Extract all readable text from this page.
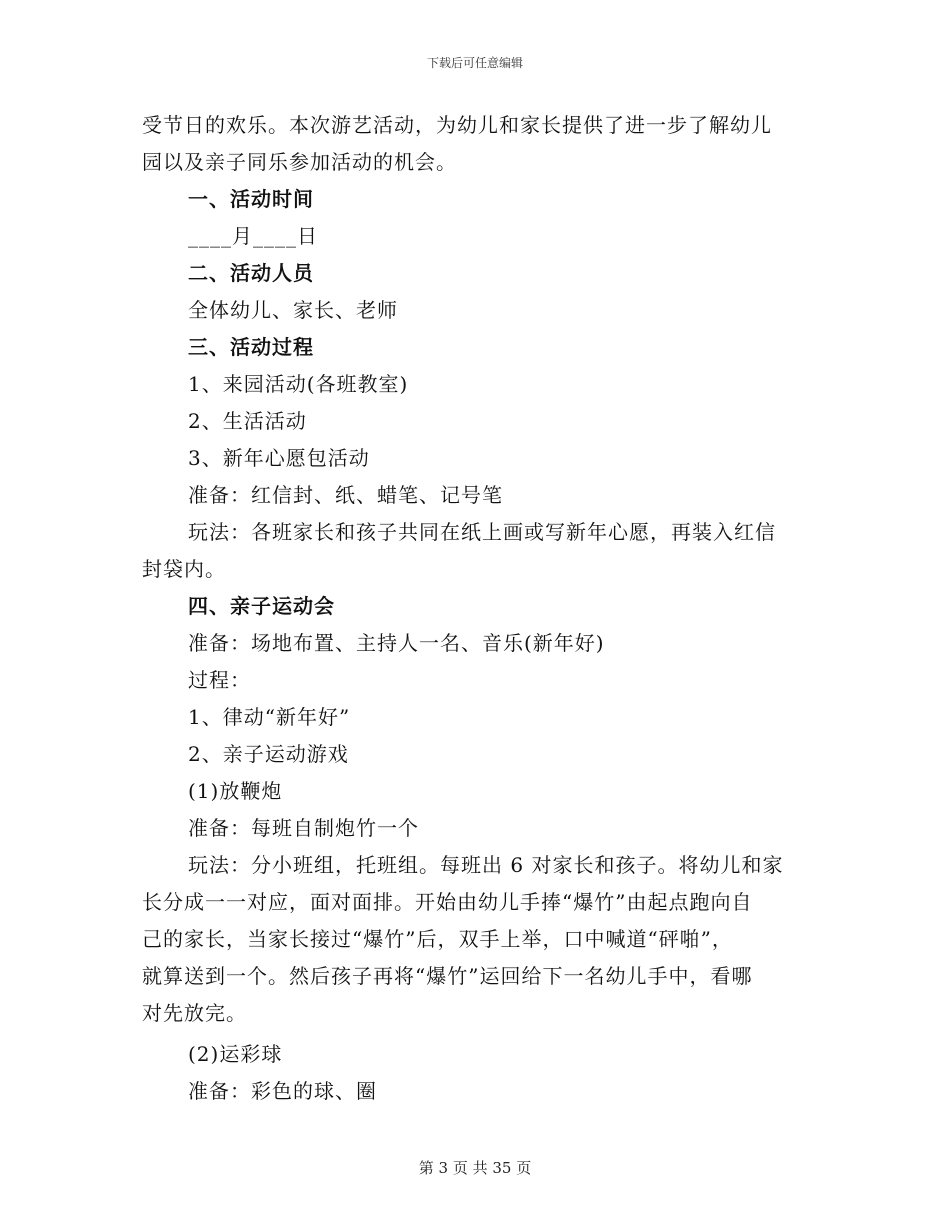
下载后可任意编辑
受节日的欢乐。本次游艺活动，为幼儿和家长提供了进一步了解幼儿
园以及亲子同乐参加活动的机会。
一、活动时间
____月____日
二、活动人员
全体幼儿、家长、老师
三、活动过程
1、来园活动(各班教室)
2、生活活动
3、新年心愿包活动
准备：红信封、纸、蜡笔、记号笔
玩法：各班家长和孩子共同在纸上画或写新年心愿，再装入红信
封袋内。
四、亲子运动会
准备：场地布置、主持人一名、音乐(新年好)
过程：
1、律动“新年好”
2、亲子运动游戏
(1)放鞭炮
准备：每班自制炮竹一个
玩法：分小班组，托班组。每班出 6 对家长和孩子。将幼儿和家
长分成一一对应，面对面排。开始由幼儿手捧“爆竹”由起点跑向自
己的家长，当家长接过“爆竹”后，双手上举，口中喊道“砰啪”，
就算送到一个。然后孩子再将“爆竹”运回给下一名幼儿手中，看哪
对先放完。
(2)运彩球
准备：彩色的球、圈
第 3 页 共 35 页
